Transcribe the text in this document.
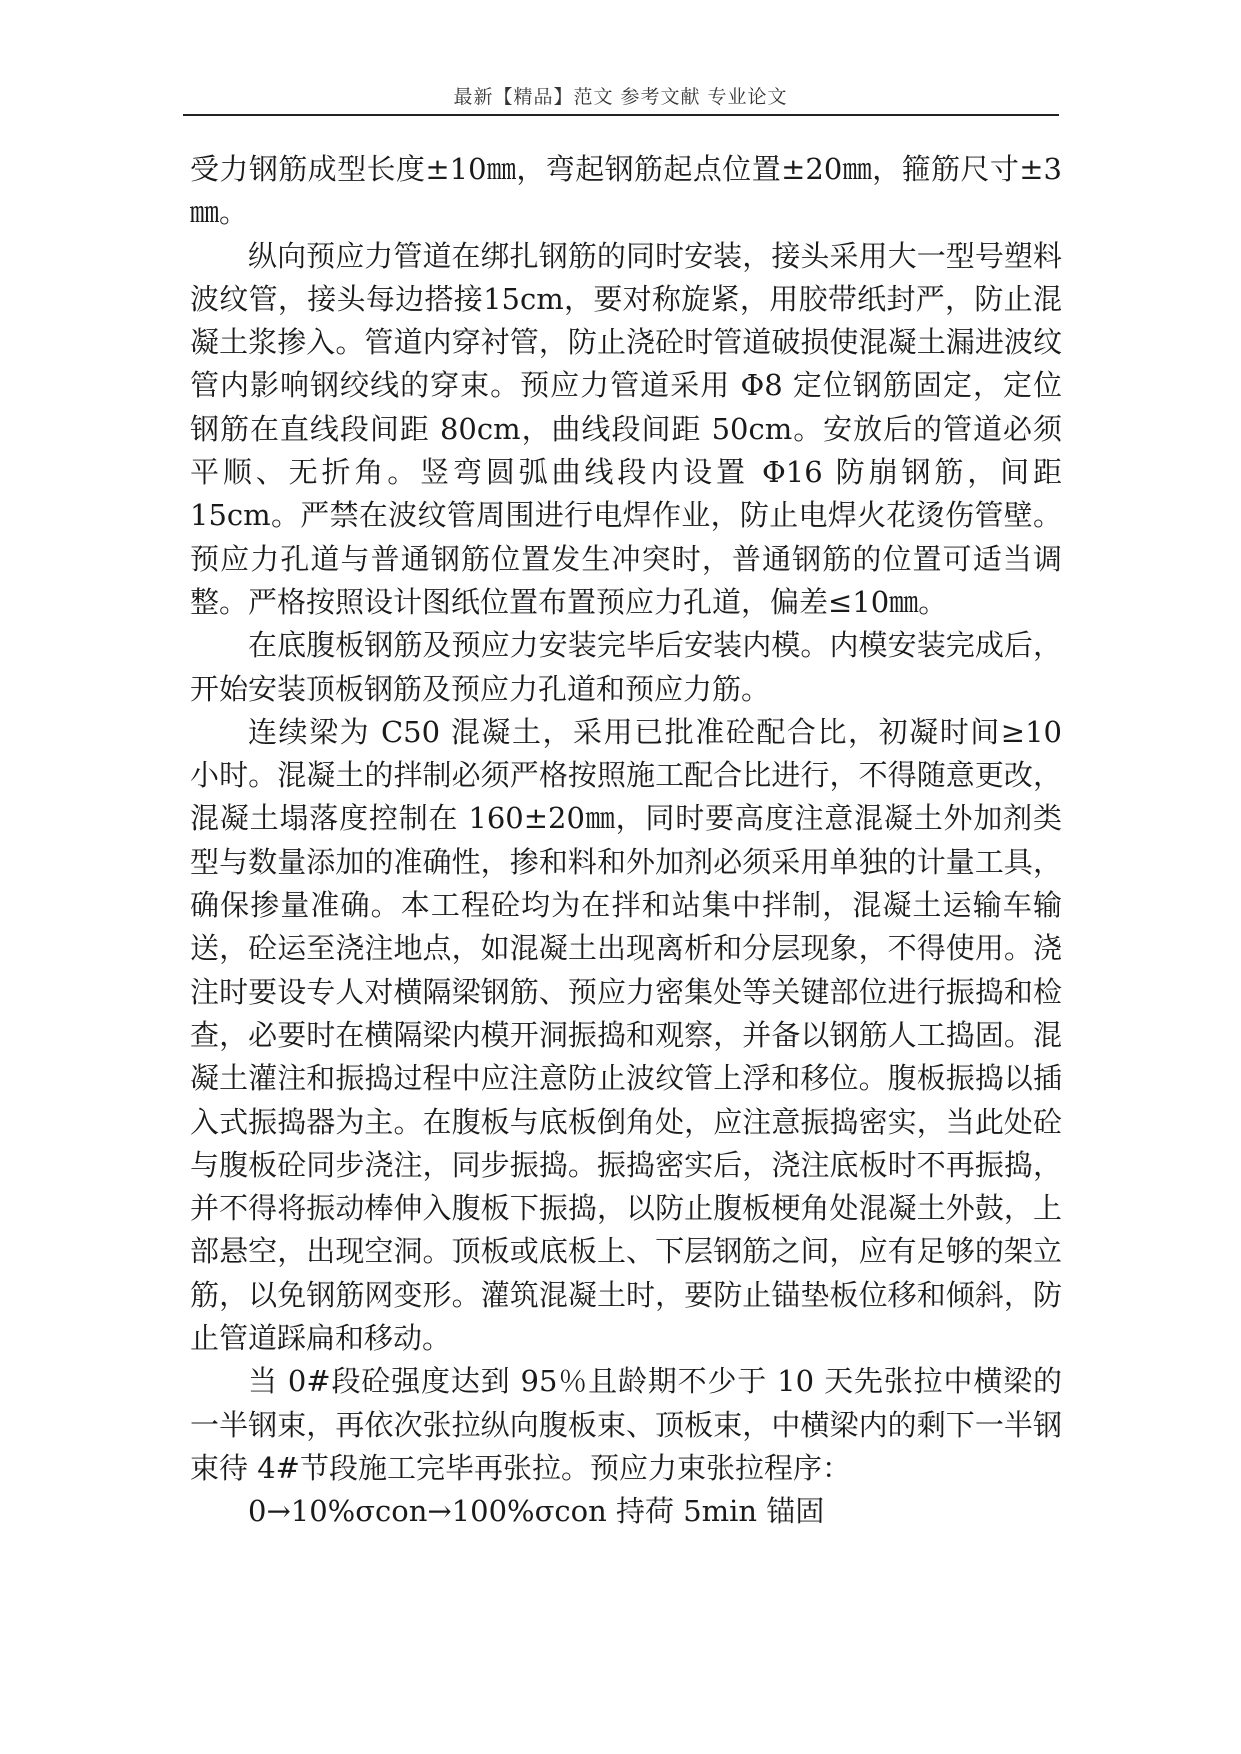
最新【精品】范文 参考文献 专业论文

受力钢筋成型长度±10㎜，弯起钢筋起点位置±20㎜，箍筋尺寸±3㎜。

纵向预应力管道在绑扎钢筋的同时安装，接头采用大一型号塑料波纹管，接头每边搭接15cm，要对称旋紧，用胶带纸封严，防止混凝土浆掺入。管道内穿衬管，防止浇砼时管道破损使混凝土漏进波纹管内影响钢绞线的穿束。预应力管道采用 Φ8 定位钢筋固定，定位钢筋在直线段间距 80cm，曲线段间距 50cm。安放后的管道必须平顺、无折角。竖弯圆弧曲线段内设置 Φ16 防崩钢筋，间距 15cm。严禁在波纹管周围进行电焊作业，防止电焊火花烫伤管壁。预应力孔道与普通钢筋位置发生冲突时，普通钢筋的位置可适当调整。严格按照设计图纸位置布置预应力孔道，偏差≤10㎜。

在底腹板钢筋及预应力安装完毕后安装内模。内模安装完成后，开始安装顶板钢筋及预应力孔道和预应力筋。

连续梁为 C50 混凝土，采用已批准砼配合比，初凝时间≥10 小时。混凝土的拌制必须严格按照施工配合比进行，不得随意更改，混凝土塌落度控制在 160±20㎜，同时要高度注意混凝土外加剂类型与数量添加的准确性，掺和料和外加剂必须采用单独的计量工具，确保掺量准确。本工程砼均为在拌和站集中拌制，混凝土运输车输送，砼运至浇注地点，如混凝土出现离析和分层现象，不得使用。浇注时要设专人对横隔梁钢筋、预应力密集处等关键部位进行振捣和检查，必要时在横隔梁内模开洞振捣和观察，并备以钢筋人工捣固。混凝土灌注和振捣过程中应注意防止波纹管上浮和移位。腹板振捣以插入式振捣器为主。在腹板与底板倒角处，应注意振捣密实，当此处砼与腹板砼同步浇注，同步振捣。振捣密实后，浇注底板时不再振捣，并不得将振动棒伸入腹板下振捣，以防止腹板梗角处混凝土外鼓，上部悬空，出现空洞。顶板或底板上、下层钢筋之间，应有足够的架立筋，以免钢筋网变形。灌筑混凝土时，要防止锚垫板位移和倾斜，防止管道踩扁和移动。

当 0#段砼强度达到 95％且龄期不少于 10 天先张拉中横梁的一半钢束，再依次张拉纵向腹板束、顶板束，中横梁内的剩下一半钢束待 4#节段施工完毕再张拉。预应力束张拉程序：

0→10%σcon→100%σcon 持荷 5min 锚固
